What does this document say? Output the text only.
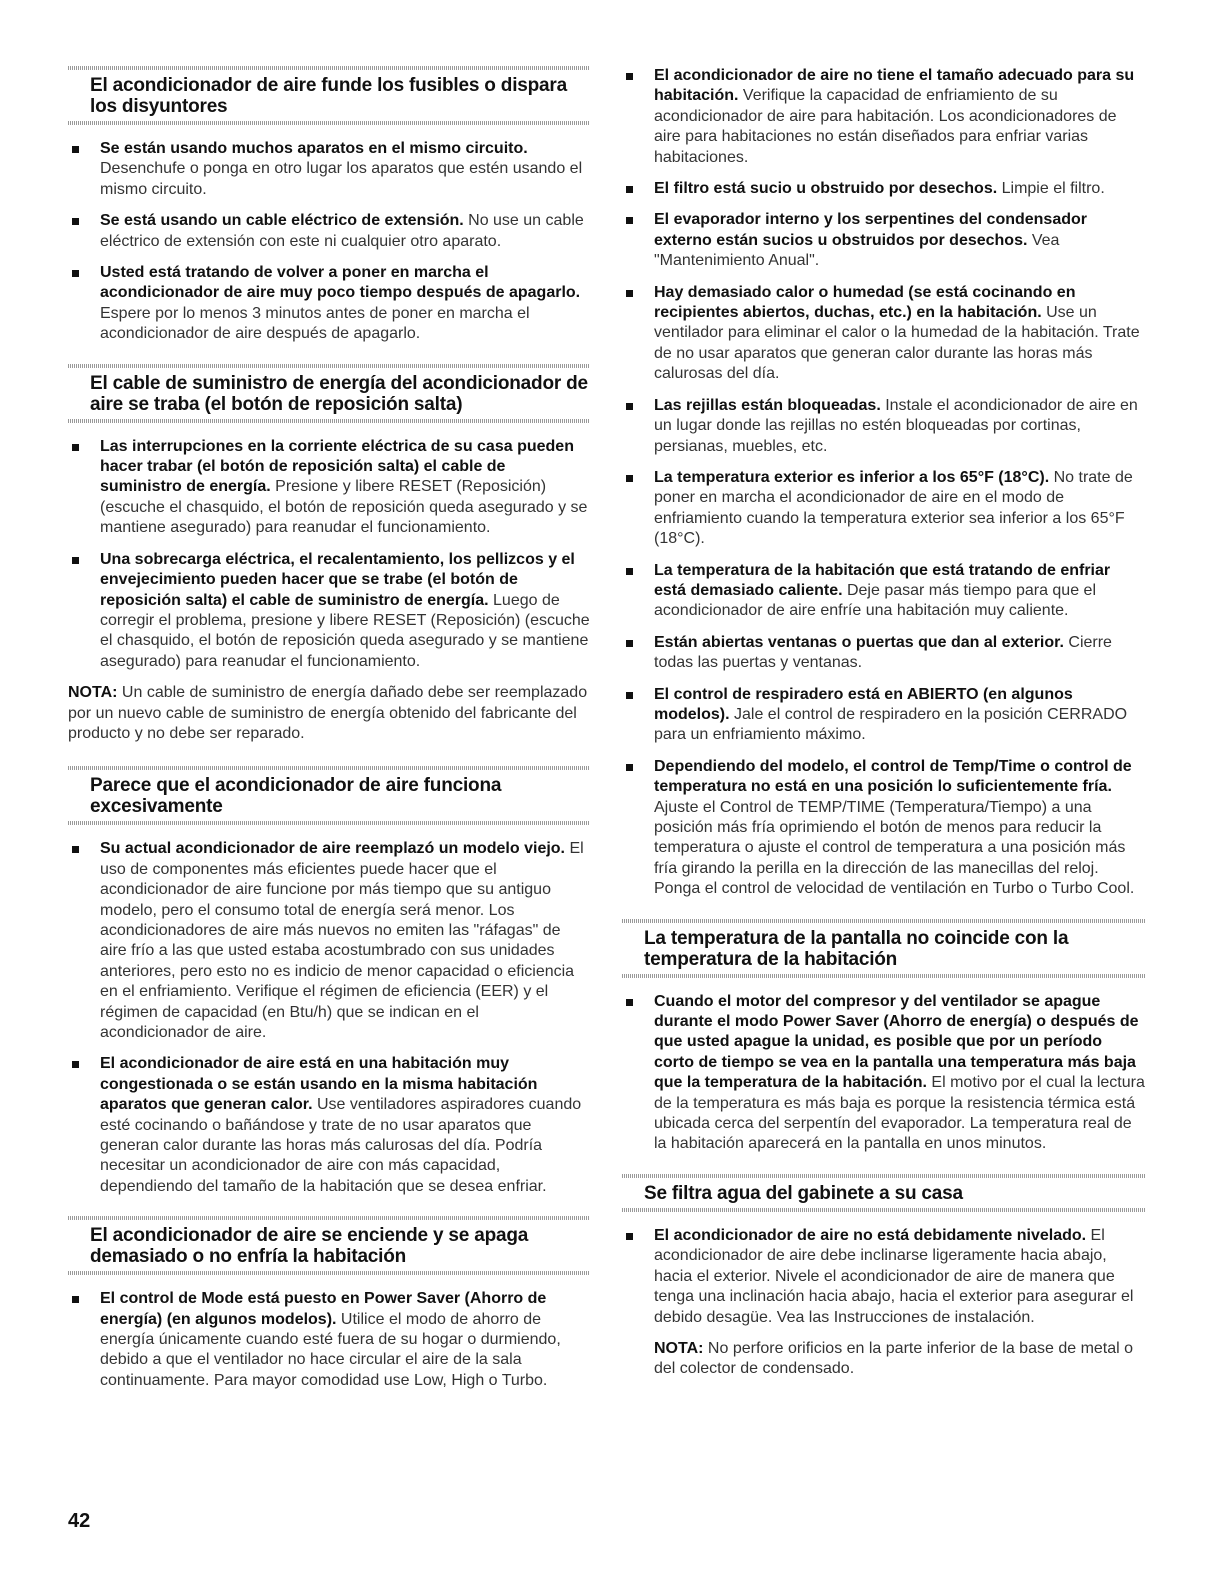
El acondicionador de aire funde los fusibles o dispara los disyuntores
Se están usando muchos aparatos en el mismo circuito. Desenchufe o ponga en otro lugar los aparatos que estén usando el mismo circuito.
Se está usando un cable eléctrico de extensión. No use un cable eléctrico de extensión con este ni cualquier otro aparato.
Usted está tratando de volver a poner en marcha el acondicionador de aire muy poco tiempo después de apagarlo. Espere por lo menos 3 minutos antes de poner en marcha el acondicionador de aire después de apagarlo.
El cable de suministro de energía del acondicionador de aire se traba (el botón de reposición salta)
Las interrupciones en la corriente eléctrica de su casa pueden hacer trabar (el botón de reposición salta) el cable de suministro de energía. Presione y libere RESET (Reposición) (escuche el chasquido, el botón de reposición queda asegurado y se mantiene asegurado) para reanudar el funcionamiento.
Una sobrecarga eléctrica, el recalentamiento, los pellizcos y el envejecimiento pueden hacer que se trabe (el botón de reposición salta) el cable de suministro de energía. Luego de corregir el problema, presione y libere RESET (Reposición) (escuche el chasquido, el botón de reposición queda asegurado y se mantiene asegurado) para reanudar el funcionamiento.

NOTA: Un cable de suministro de energía dañado debe ser reemplazado por un nuevo cable de suministro de energía obtenido del fabricante del producto y no debe ser reparado.

Parece que el acondicionador de aire funciona excesivamente
Su actual acondicionador de aire reemplazó un modelo viejo. El uso de componentes más eficientes puede hacer que el acondicionador de aire funcione por más tiempo que su antiguo modelo, pero el consumo total de energía será menor. Los acondicionadores de aire más nuevos no emiten las "ráfagas" de aire frío a las que usted estaba acostumbrado con sus unidades anteriores, pero esto no es indicio de menor capacidad o eficiencia en el enfriamiento. Verifique el régimen de eficiencia (EER) y el régimen de capacidad (en Btu/h) que se indican en el acondicionador de aire.
El acondicionador de aire está en una habitación muy congestionada o se están usando en la misma habitación aparatos que generan calor. Use ventiladores aspiradores cuando esté cocinando o bañándose y trate de no usar aparatos que generan calor durante las horas más calurosas del día. Podría necesitar un acondicionador de aire con más capacidad, dependiendo del tamaño de la habitación que se desea enfriar.
El acondicionador de aire se enciende y se apaga demasiado o no enfría la habitación
El control de Mode está puesto en Power Saver (Ahorro de energía) (en algunos modelos). Utilice el modo de ahorro de energía únicamente cuando esté fuera de su hogar o durmiendo, debido a que el ventilador no hace circular el aire de la sala continuamente. Para mayor comodidad use Low, High o Turbo.
El acondicionador de aire no tiene el tamaño adecuado para su habitación. Verifique la capacidad de enfriamiento de su acondicionador de aire para habitación. Los acondicionadores de aire para habitaciones no están diseñados para enfriar varias habitaciones.
El filtro está sucio u obstruido por desechos. Limpie el filtro.
El evaporador interno y los serpentines del condensador externo están sucios u obstruidos por desechos. Vea "Mantenimiento Anual".
Hay demasiado calor o humedad (se está cocinando en recipientes abiertos, duchas, etc.) en la habitación. Use un ventilador para eliminar el calor o la humedad de la habitación. Trate de no usar aparatos que generan calor durante las horas más calurosas del día.
Las rejillas están bloqueadas. Instale el acondicionador de aire en un lugar donde las rejillas no estén bloqueadas por cortinas, persianas, muebles, etc.
La temperatura exterior es inferior a los 65°F (18°C). No trate de poner en marcha el acondicionador de aire en el modo de enfriamiento cuando la temperatura exterior sea inferior a los 65°F (18°C).
La temperatura de la habitación que está tratando de enfriar está demasiado caliente. Deje pasar más tiempo para que el acondicionador de aire enfríe una habitación muy caliente.
Están abiertas ventanas o puertas que dan al exterior. Cierre todas las puertas y ventanas.
El control de respiradero está en ABIERTO (en algunos modelos). Jale el control de respiradero en la posición CERRADO para un enfriamiento máximo.
Dependiendo del modelo, el control de Temp/Time o control de temperatura no está en una posición lo suficientemente fría. Ajuste el Control de TEMP/TIME (Temperatura/Tiempo) a una posición más fría oprimiendo el botón de menos para reducir la temperatura o ajuste el control de temperatura a una posición más fría girando la perilla en la dirección de las manecillas del reloj. Ponga el control de velocidad de ventilación en Turbo o Turbo Cool.
La temperatura de la pantalla no coincide con la temperatura de la habitación
Cuando el motor del compresor y del ventilador se apague durante el modo Power Saver (Ahorro de energía) o después de que usted apague la unidad, es posible que por un período corto de tiempo se vea en la pantalla una temperatura más baja que la temperatura de la habitación. El motivo por el cual la lectura de la temperatura es más baja es porque la resistencia térmica está ubicada cerca del serpentín del evaporador. La temperatura real de la habitación aparecerá en la pantalla en unos minutos.
Se filtra agua del gabinete a su casa
El acondicionador de aire no está debidamente nivelado. El acondicionador de aire debe inclinarse ligeramente hacia abajo, hacia el exterior. Nivele el acondicionador de aire de manera que tenga una inclinación hacia abajo, hacia el exterior para asegurar el debido desagüe. Vea las Instrucciones de instalación.

NOTA: No perfore orificios en la parte inferior de la base de metal o del colector de condensado.

42
